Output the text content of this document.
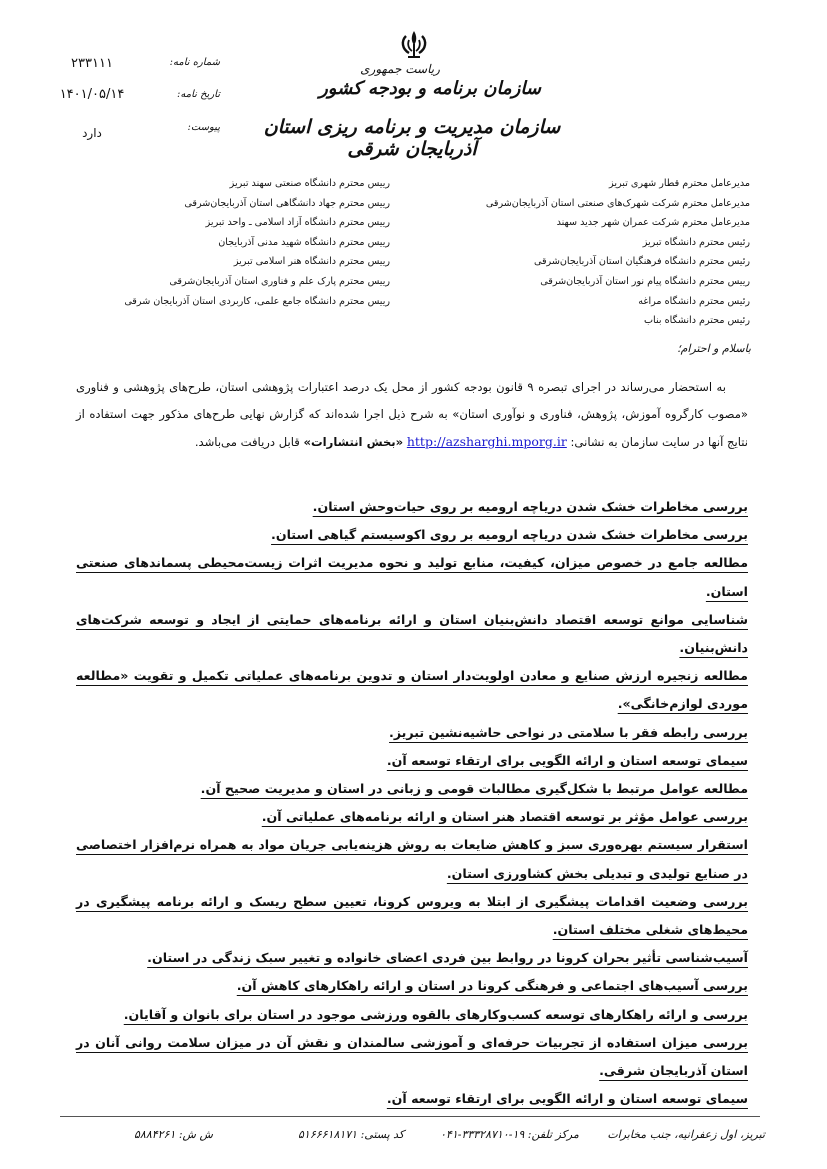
ریاست جمهوری
سازمان برنامه و بودجه کشور
سازمان مدیریت و برنامه ریزی استان آذربایجان شرقی
شماره نامه:
۲۳۳۱۱۱
تاریخ نامه:
۱۴۰۱/۰۵/۱۴
پیوست:
دارد
مدیرعامل محترم قطار شهری تبریز
مدیرعامل محترم شرکت شهرک‌های صنعتی استان آذربایجان‌شرقی
مدیرعامل محترم شرکت عمران شهر جدید سهند
رئیس محترم دانشگاه تبریز
رئیس محترم دانشگاه فرهنگیان استان آذربایجان‌شرقی
رییس محترم دانشگاه پیام نور استان آذربایجان‌شرقی
رئیس محترم دانشگاه مراغه
رئیس محترم دانشگاه بناب
رییس محترم دانشگاه صنعتی سهند تبریز
رییس محترم جهاد دانشگاهی استان آذربایجان‌شرقی
رییس محترم دانشگاه آزاد اسلامی ـ واحد تبریز
رییس محترم دانشگاه شهید مدنی آذربایجان
رییس محترم دانشگاه هنر اسلامی تبریز
رییس محترم پارک علم و فناوری استان آذربایجان‌شرقی
رییس محترم دانشگاه جامع علمی، کاربردی استان آذربایجان شرقی
باسلام و احترام؛
به استحضار می‌رساند در اجرای تبصره ۹ قانون بودجه کشور از محل یک درصد اعتبارات پژوهشی استان، طرح‌های پژوهشی و فناوری «مصوب کارگروه آموزش، پژوهش، فناوری و نوآوری استان» به شرح ذیل اجرا شده‌اند که گزارش نهایی طرح‌های مذکور جهت استفاده از نتایج آنها در سایت سازمان به نشانی: http://azsharghi.mporg.ir «بخش انتشارات» قابل دریافت می‌باشد.
بررسی مخاطرات خشک شدن دریاچه ارومیه بر روی حیات‌وحش استان.
بررسی مخاطرات خشک شدن دریاچه ارومیه بر روی اکوسیستم گیاهی استان.
مطالعه جامع در خصوص میزان، کیفیت، منابع تولید و نحوه مدیریت اثرات زیست‌محیطی پسماندهای صنعتی استان.
شناسایی موانع توسعه اقتصاد دانش‌بنیان استان و ارائه برنامه‌های حمایتی از ایجاد و توسعه شرکت‌های دانش‌بنیان.
مطالعه زنجیره ارزش صنایع و معادن اولویت‌دار استان و تدوین برنامه‌های عملیاتی تکمیل و تقویت «مطالعه موردی لوازم‌خانگی».
بررسی رابطه فقر با سلامتی در نواحی حاشیه‌نشین تبریز.
سیمای توسعه استان و ارائه الگویی برای ارتقاء توسعه آن.
مطالعه عوامل مرتبط با شکل‌گیری مطالبات قومی و زبانی در استان و مدیریت صحیح آن.
بررسی عوامل مؤثر بر توسعه اقتصاد هنر استان و ارائه برنامه‌های عملیاتی آن.
استقرار سیستم بهره‌وری سبز و کاهش ضایعات به روش هزینه‌یابی جریان مواد به همراه نرم‌افزار اختصاصی در صنایع تولیدی و تبدیلی بخش کشاورزی استان.
بررسی وضعیت اقدامات پیشگیری از ابتلا به ویروس کرونا، تعیین سطح ریسک و ارائه برنامه پیشگیری در محیط‌های شغلی مختلف استان.
آسیب‌شناسی تأثیر بحران کرونا در روابط بین فردی اعضای خانواده و تغییر سبک زندگی در استان.
بررسی آسیب‌های اجتماعی و فرهنگی کرونا در استان و ارائه راهکارهای کاهش آن.
بررسی و ارائه راهکارهای توسعه کسب‌وکارهای بالقوه ورزشی موجود در استان برای بانوان و آقایان.
بررسی میزان استفاده از تجربیات حرفه‌ای و آموزشی سالمندان و نقش آن در میزان سلامت روانی آنان در استان آذربایجان شرقی.
سیمای توسعه استان و ارائه الگویی برای ارتقاء توسعه آن.
تبریز، اول زعفرانیه، جنب مخابرات
مرکز تلفن: ۱۹-۳۳۳۲۸۷۱۰-۰۴۱
کد پستی: ۵۱۶۶۶۱۸۱۷۱
ش ش: ۵۸۸۴۲۶۱
